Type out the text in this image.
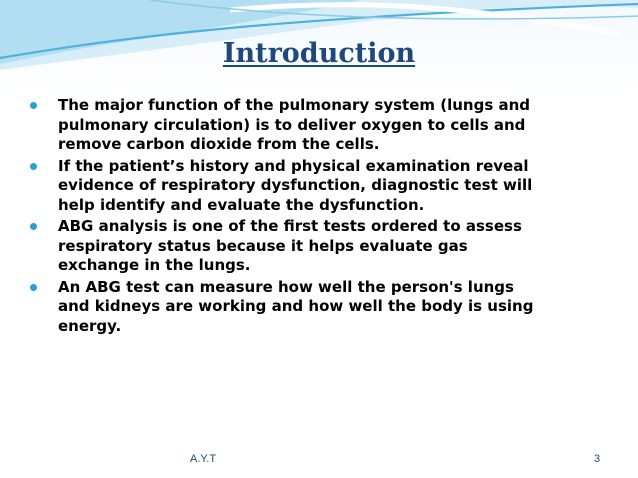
Introduction
The major function of the pulmonary system (lungs and pulmonary circulation) is to deliver oxygen to cells and remove carbon dioxide from the cells.
If the patient’s history and physical examination reveal evidence of respiratory dysfunction, diagnostic test will help identify and evaluate the dysfunction.
ABG analysis is one of the first tests ordered to assess respiratory status because it helps evaluate gas exchange in the lungs.
An ABG test can measure how well the person's lungs and kidneys are working and how well the body is using energy.
A.Y.T	3
